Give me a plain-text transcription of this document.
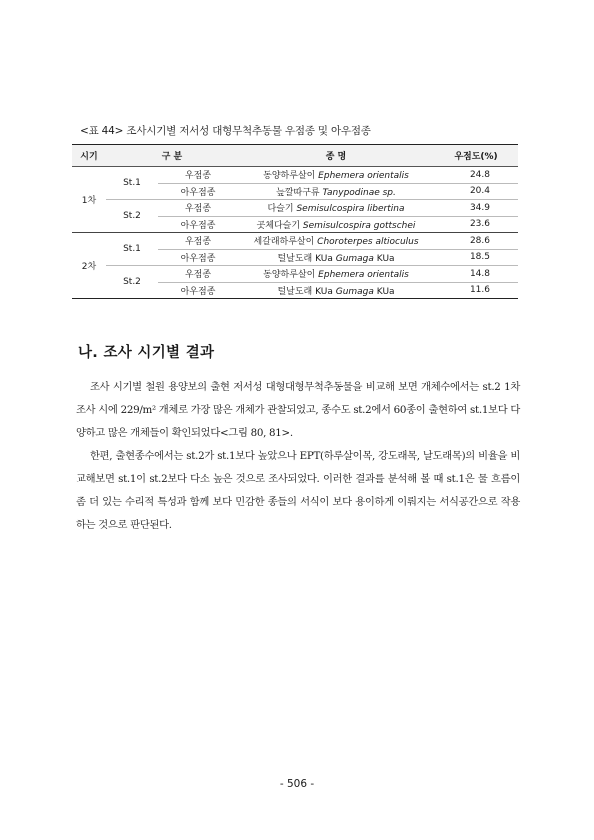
<표 44> 조사시기별 저서성 대형무척추동물 우점종 및 아우점종
시기	구 분		종 명	우점도(%)
1차	St.1	우점종	동양하루살이 Ephemera orientalis	24.8
		아우점종	늪깔따구류 Tanypodinae sp.	20.4
	St.2	우점종	다슬기 Semisulcospira libertina	34.9
		아우점종	곳체다슬기 Semisulcospira gottschei	23.6
2차	St.1	우점종	세갈래하루살이 Choroterpes altioculus	28.6
		아우점종	털날도래 KUa Gumaga KUa	18.5
	St.2	우점종	동양하루살이 Ephemera orientalis	14.8
		아우점종	털날도래 KUa Gumaga KUa	11.6
나. 조사 시기별 결과

조사 시기별 철원 용양보의 출현 저서성 대형대형무척추동물을 비교해 보면 개체수에서는 st.2 1차 조사 시에 229/m² 개체로 가장 많은 개체가 관찰되었고, 종수도 st.2에서 60종이 출현하여 st.1보다 다양하고 많은 개체들이 확인되었다<그림 80, 81>.

한편, 출현종수에서는 st.2가 st.1보다 높았으나 EPT(하루살이목, 강도래목, 날도래목)의 비율을 비교해보면 st.1이 st.2보다 다소 높은 것으로 조사되었다. 이러한 결과를 분석해 볼 때 st.1은 물 흐름이 좀 더 있는 수리적 특성과 함께 보다 민감한 종들의 서식이 보다 용이하게 이뤄지는 서식공간으로 작용하는 것으로 판단된다.

- 506 -
